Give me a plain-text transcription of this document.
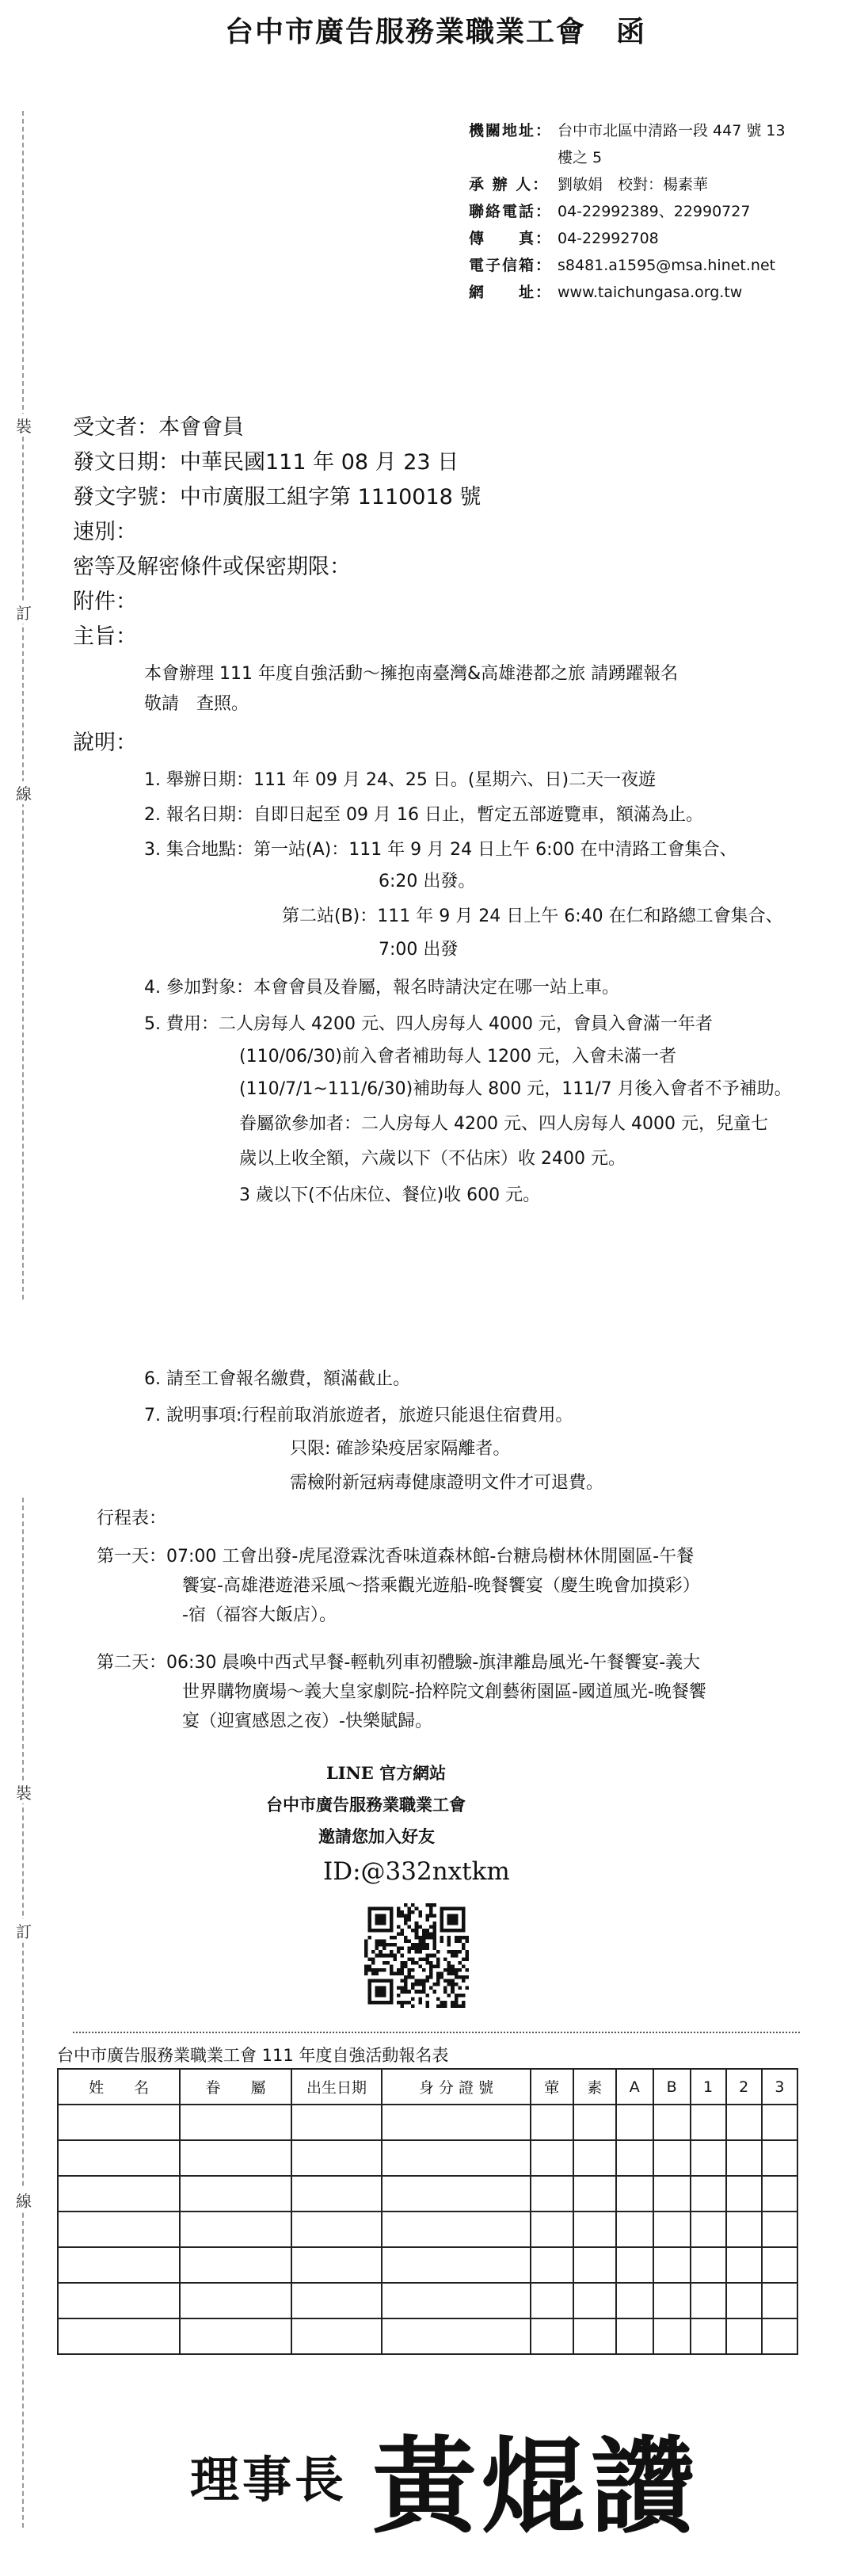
台中市廣告服務業職業工會　函
機關地址： 台中市北區中清路一段 447 號 13
樓之 5
承 辦 人： 劉敏娟　校對：楊素華
聯絡電話： 04-22992389、22990727
傳　　真： 04-22992708
電子信箱： s8481.a1595@msa.hinet.net
網　　址： www.taichungasa.org.tw
裝
訂
線
裝
訂
線
受文者：本會會員
發文日期：中華民國111 年 08 月 23 日
發文字號：中市廣服工組字第 1110018 號
速別：
密等及解密條件或保密期限：
附件：
主旨：
本會辦理 111 年度自強活動～擁抱南臺灣&高雄港都之旅 請踴躍報名
敬請　查照。
說明：
1. 舉辦日期：111 年 09 月 24、25 日。(星期六、日)二天一夜遊
2. 報名日期：自即日起至 09 月 16 日止，暫定五部遊覽車，額滿為止。
3. 集合地點：第一站(A)：111 年 9 月 24 日上午 6:00 在中清路工會集合、
6:20 出發。
第二站(B)：111 年 9 月 24 日上午 6:40 在仁和路總工會集合、
7:00 出發
4. 參加對象：本會會員及眷屬，報名時請決定在哪一站上車。
5. 費用：二人房每人 4200 元、四人房每人 4000 元，會員入會滿一年者
(110/06/30)前入會者補助每人 1200 元，入會未滿一者
(110/7/1~111/6/30)補助每人 800 元，111/7 月後入會者不予補助。
眷屬欲參加者：二人房每人 4200 元、四人房每人 4000 元，兒童七
歲以上收全額，六歲以下（不佔床）收 2400 元。
3 歲以下(不佔床位、餐位)收 600 元。
6. 請至工會報名繳費，額滿截止。
7. 說明事項:行程前取消旅遊者，旅遊只能退住宿費用。
只限: 確診染疫居家隔離者。
需檢附新冠病毒健康證明文件才可退費。
行程表：
第一天：07:00 工會出發-虎尾澄霖沈香味道森林館-台糖烏樹林休閒園區-午餐
饗宴-高雄港遊港采風～搭乘觀光遊船-晚餐饗宴（慶生晚會加摸彩）
-宿（福容大飯店）。
第二天：06:30 晨喚中西式早餐-輕軌列車初體驗-旗津離島風光-午餐饗宴-義大
世界購物廣場～義大皇家劇院-拾粹院文創藝術園區-國道風光-晚餐饗
宴（迎賓感恩之夜）-快樂賦歸。
LINE 官方網站
台中市廣告服務業職業工會
邀請您加入好友
ID:@332nxtkm
台中市廣告服務業職業工會 111 年度自強活動報名表
姓　　名	眷　　屬	出生日期	身 分 證 號	葷	素	A	B	1	2	3

理事長 黃焜讚
